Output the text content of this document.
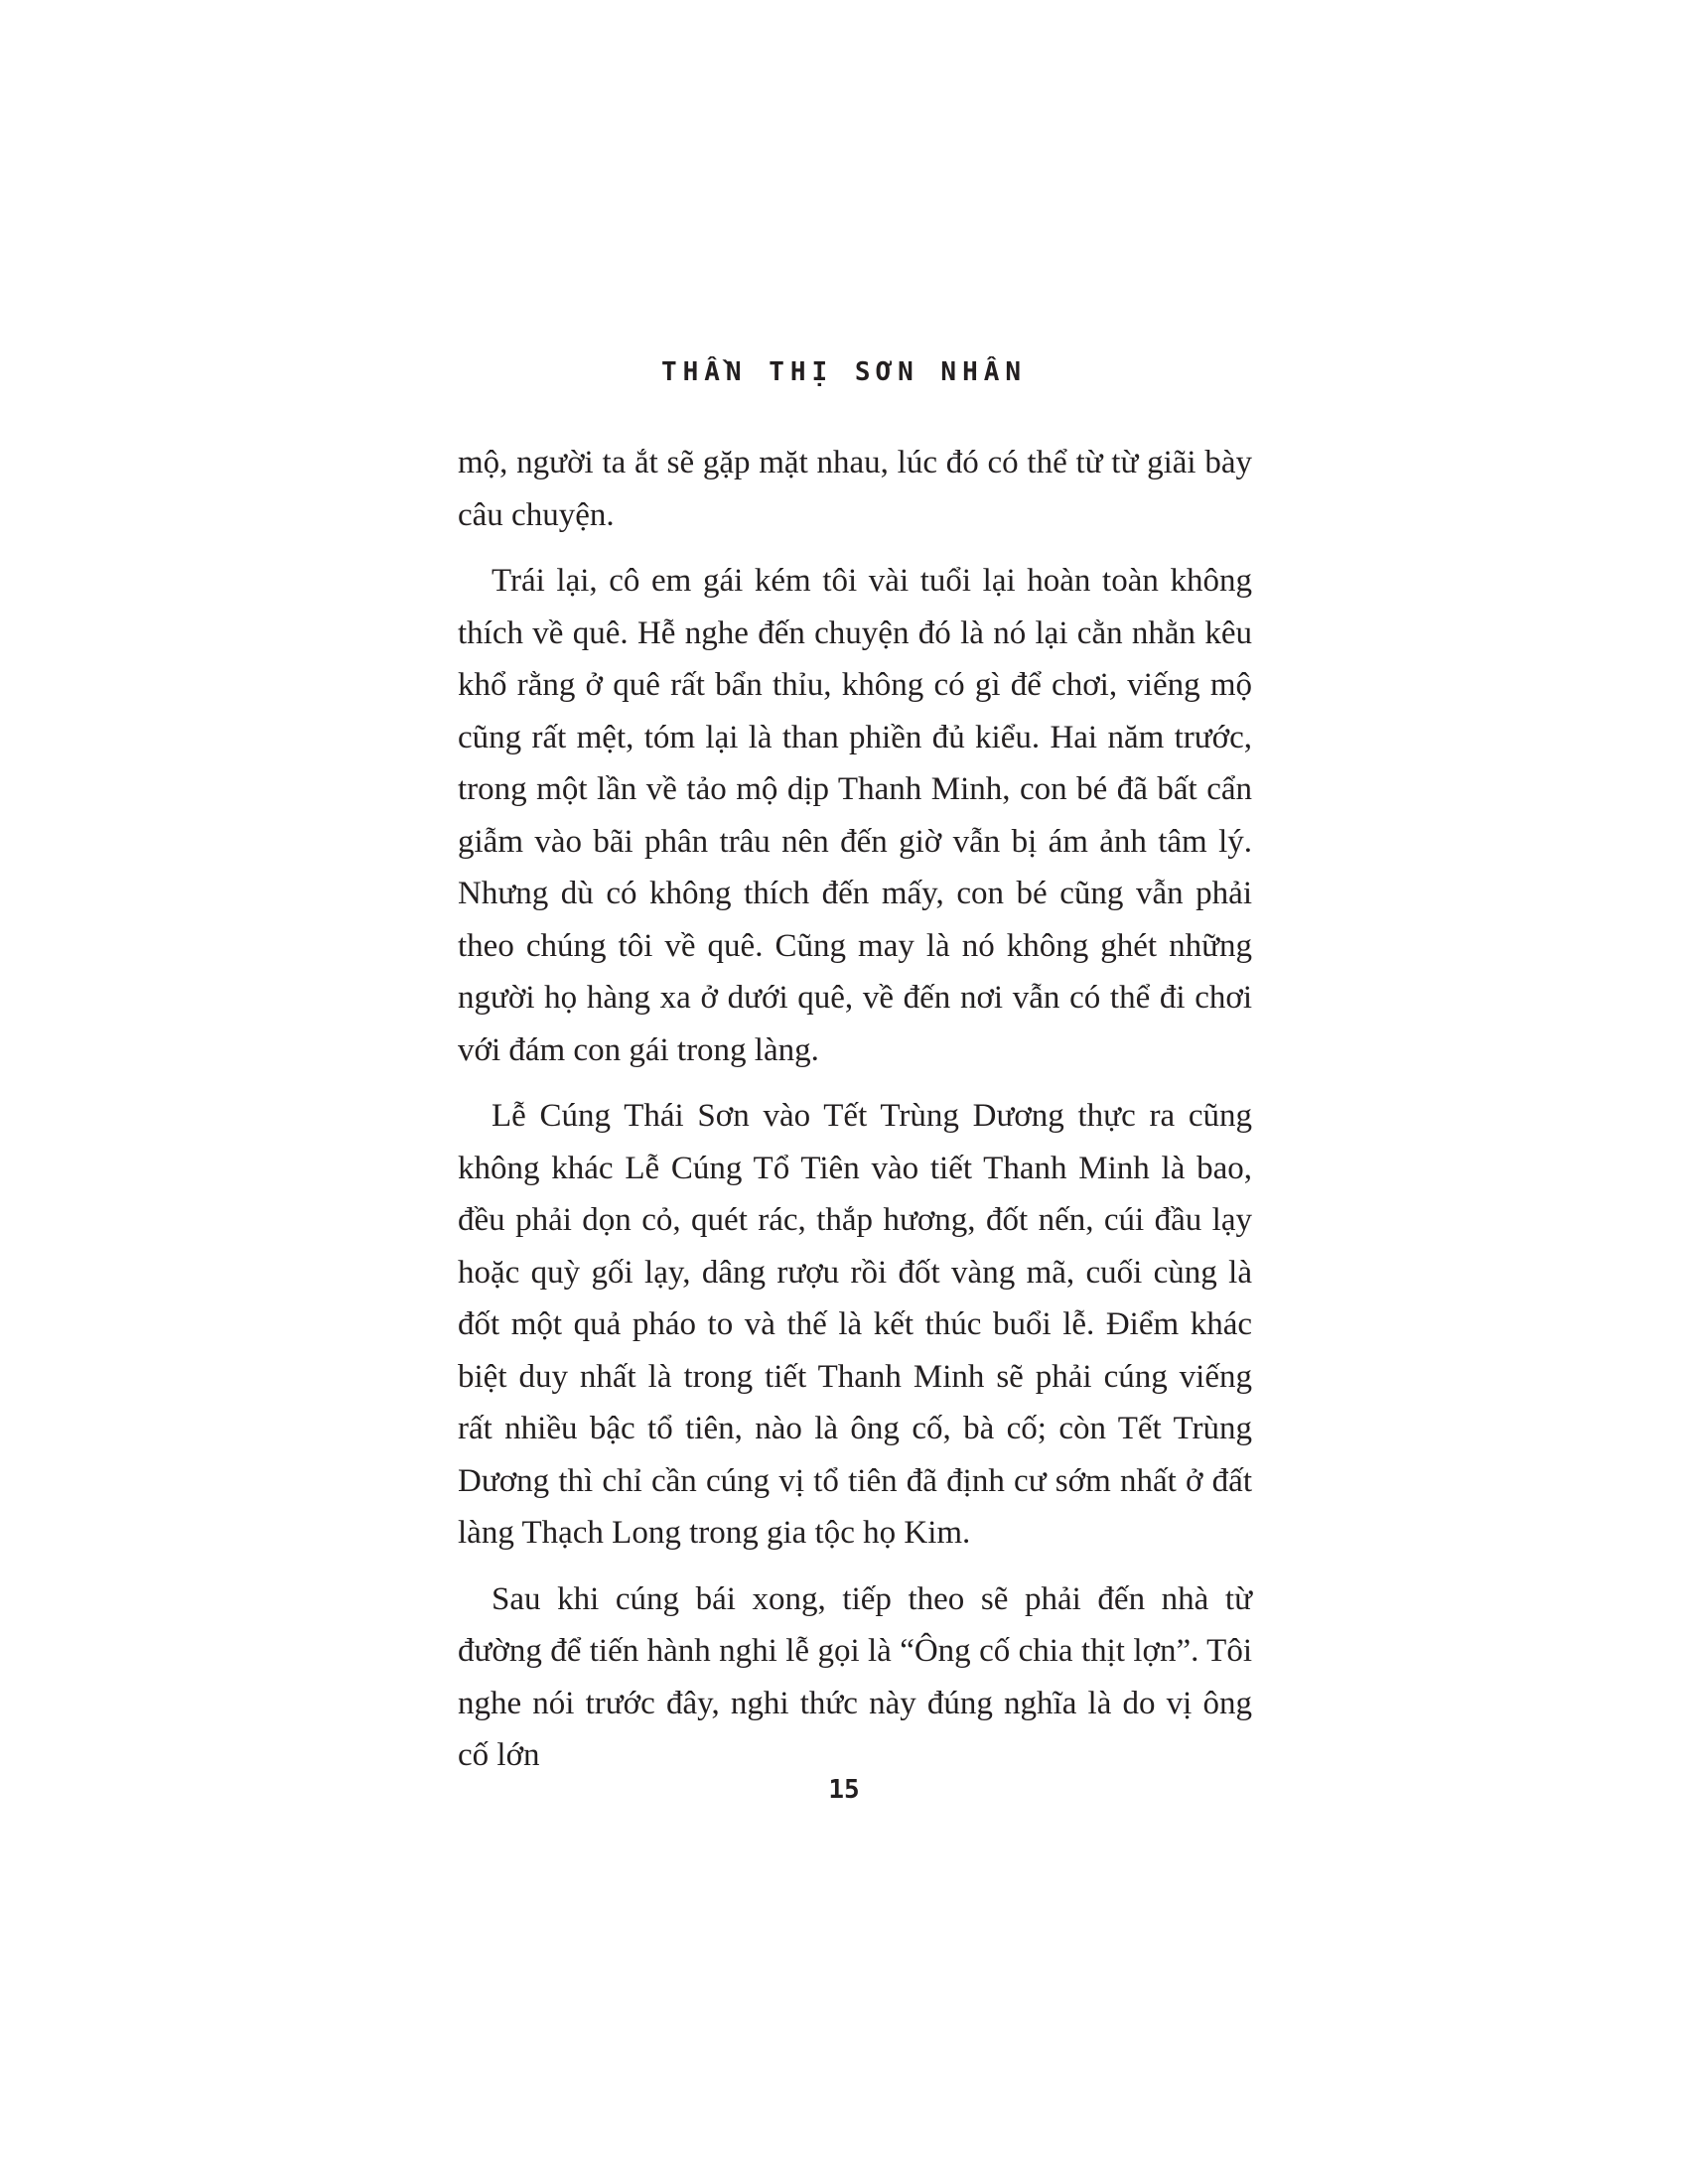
THẦN THỊ SƠN NHÂN

mộ, người ta ắt sẽ gặp mặt nhau, lúc đó có thể từ từ giãi bày câu chuyện.

Trái lại, cô em gái kém tôi vài tuổi lại hoàn toàn không thích về quê. Hễ nghe đến chuyện đó là nó lại cằn nhằn kêu khổ rằng ở quê rất bẩn thỉu, không có gì để chơi, viếng mộ cũng rất mệt, tóm lại là than phiền đủ kiểu. Hai năm trước, trong một lần về tảo mộ dịp Thanh Minh, con bé đã bất cẩn giẫm vào bãi phân trâu nên đến giờ vẫn bị ám ảnh tâm lý. Nhưng dù có không thích đến mấy, con bé cũng vẫn phải theo chúng tôi về quê. Cũng may là nó không ghét những người họ hàng xa ở dưới quê, về đến nơi vẫn có thể đi chơi với đám con gái trong làng.

Lễ Cúng Thái Sơn vào Tết Trùng Dương thực ra cũng không khác Lễ Cúng Tổ Tiên vào tiết Thanh Minh là bao, đều phải dọn cỏ, quét rác, thắp hương, đốt nến, cúi đầu lạy hoặc quỳ gối lạy, dâng rượu rồi đốt vàng mã, cuối cùng là đốt một quả pháo to và thế là kết thúc buổi lễ. Điểm khác biệt duy nhất là trong tiết Thanh Minh sẽ phải cúng viếng rất nhiều bậc tổ tiên, nào là ông cố, bà cố; còn Tết Trùng Dương thì chỉ cần cúng vị tổ tiên đã định cư sớm nhất ở đất làng Thạch Long trong gia tộc họ Kim.

Sau khi cúng bái xong, tiếp theo sẽ phải đến nhà từ đường để tiến hành nghi lễ gọi là “Ông cố chia thịt lợn”. Tôi nghe nói trước đây, nghi thức này đúng nghĩa là do vị ông cố lớn

15
